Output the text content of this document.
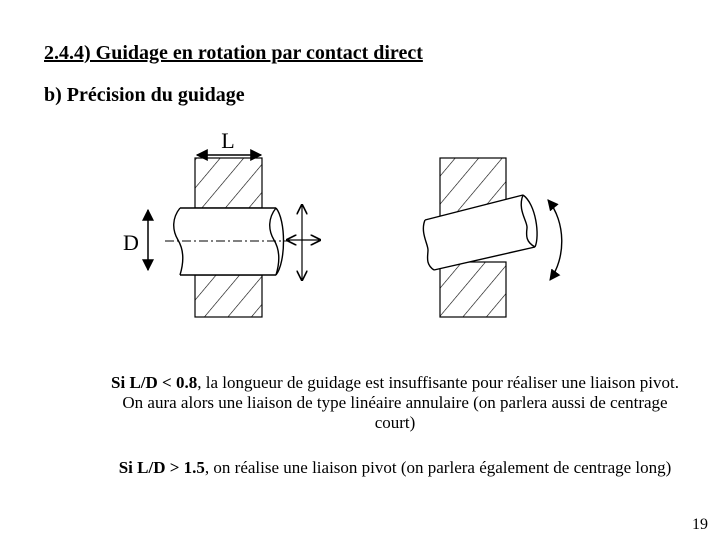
2.4.4) Guidage en rotation par contact direct
b) Précision du guidage
L
D
Si L/D < 0.8, la longueur de guidage est insuffisante pour réaliser une liaison pivot. On aura alors une liaison de type linéaire annulaire (on parlera aussi de centrage court)
Si L/D > 1.5, on réalise une liaison pivot (on parlera également de centrage long)
19
